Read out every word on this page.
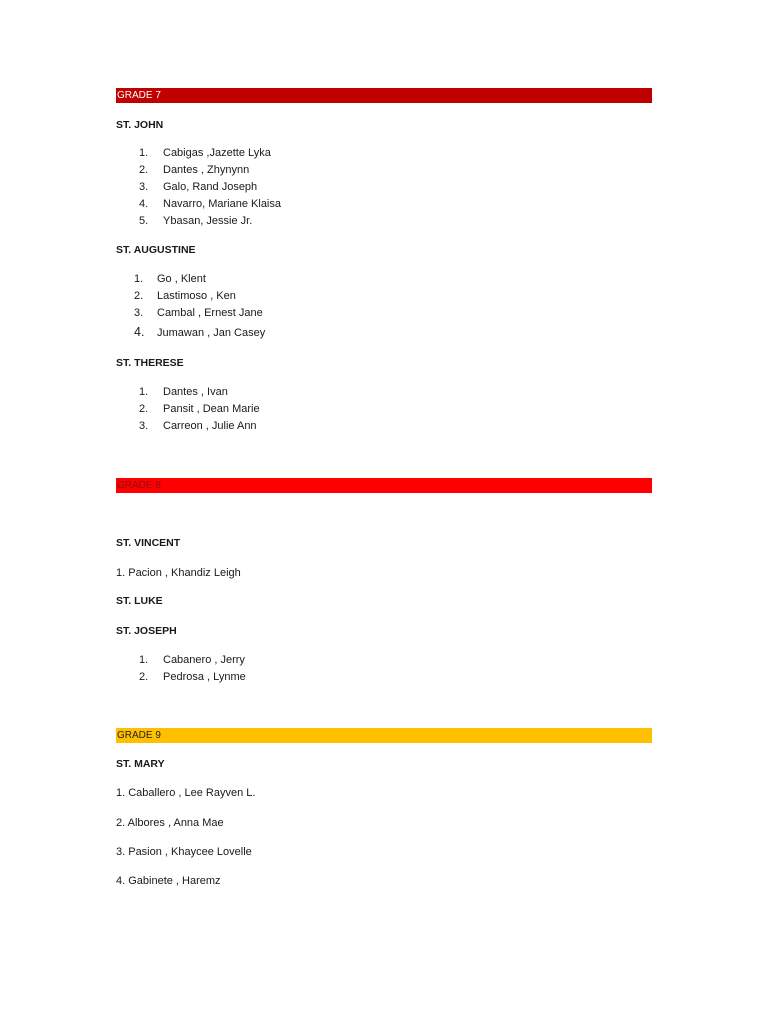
GRADE 7
ST. JOHN
1. Cabigas ,Jazette Lyka
2. Dantes , Zhynynn
3. Galo, Rand Joseph
4. Navarro, Mariane Klaisa
5. Ybasan, Jessie Jr.
ST. AUGUSTINE
1. Go , Klent
2. Lastimoso , Ken
3. Cambal , Ernest Jane
4. Jumawan , Jan Casey
ST. THERESE
1. Dantes , Ivan
2. Pansit , Dean Marie
3. Carreon , Julie Ann
GRADE 8
ST. VINCENT
1. Pacion , Khandiz Leigh
ST. LUKE
ST. JOSEPH
1. Cabanero , Jerry
2. Pedrosa , Lynme
GRADE 9
ST. MARY
1. Caballero , Lee Rayven L.
2. Albores , Anna Mae
3. Pasion , Khaycee Lovelle
4. Gabinete , Haremz
